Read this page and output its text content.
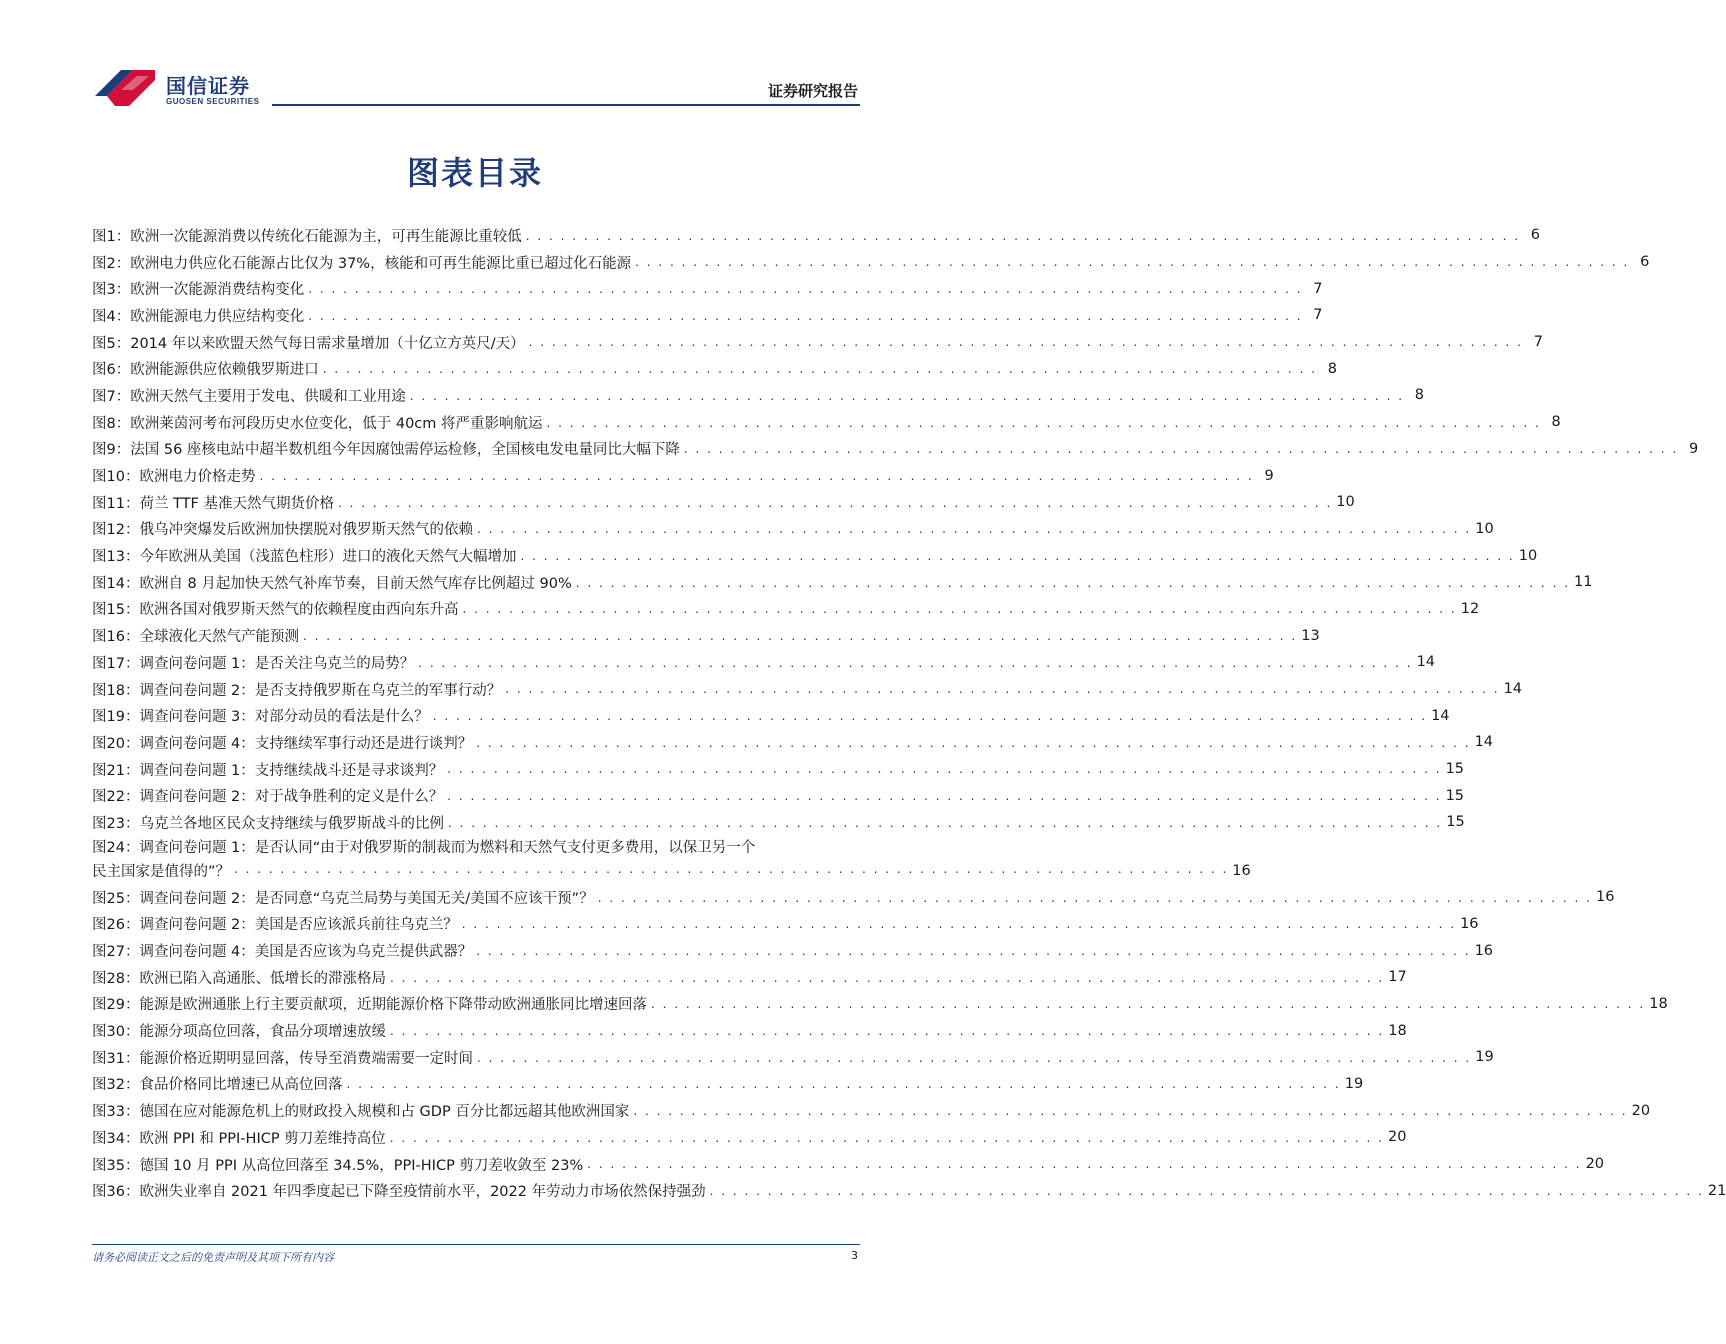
国信证券
GUOSEN SECURITIES
证券研究报告
图表目录
图1： 欧洲一次能源消费以传统化石能源为主，可再生能源比重较低 . . . . . . . . . . . . . . . . . . . . . . . . . . . . . . . . . . . . . . . . . . . . . . . . . . . . . . . . . . . . . . . . . . . . . . . . . . . . . . . . . . . . . . 6
图2： 欧洲电力供应化石能源占比仅为 37%，核能和可再生能源比重已超过化石能源 . . . . . . . . . . . . . . . . . . . . . . . . . . . . . . . . . . . . . . . . . . . . . . . . . . . . . . . . . . . . . . . . . . . . . . . . . . . . . . . . . . . . . . 6
图3： 欧洲一次能源消费结构变化 . . . . . . . . . . . . . . . . . . . . . . . . . . . . . . . . . . . . . . . . . . . . . . . . . . . . . . . . . . . . . . . . . . . . . . . . . . . . . . . . . . . . . . 7
图4： 欧洲能源电力供应结构变化 . . . . . . . . . . . . . . . . . . . . . . . . . . . . . . . . . . . . . . . . . . . . . . . . . . . . . . . . . . . . . . . . . . . . . . . . . . . . . . . . . . . . . . 7
图5： 2014 年以来欧盟天然气每日需求量增加（十亿立方英尺/天） . . . . . . . . . . . . . . . . . . . . . . . . . . . . . . . . . . . . . . . . . . . . . . . . . . . . . . . . . . . . . . . . . . . . . . . . . . . . . . . . . . . . . . 7
图6： 欧洲能源供应依赖俄罗斯进口 . . . . . . . . . . . . . . . . . . . . . . . . . . . . . . . . . . . . . . . . . . . . . . . . . . . . . . . . . . . . . . . . . . . . . . . . . . . . . . . . . . . . . . 8
图7： 欧洲天然气主要用于发电、供暖和工业用途 . . . . . . . . . . . . . . . . . . . . . . . . . . . . . . . . . . . . . . . . . . . . . . . . . . . . . . . . . . . . . . . . . . . . . . . . . . . . . . . . . . . . . . 8
图8： 欧洲莱茵河考布河段历史水位变化，低于 40cm 将严重影响航运 . . . . . . . . . . . . . . . . . . . . . . . . . . . . . . . . . . . . . . . . . . . . . . . . . . . . . . . . . . . . . . . . . . . . . . . . . . . . . . . . . . . . . . 8
图9： 法国 56 座核电站中超半数机组今年因腐蚀需停运检修，全国核电发电量同比大幅下降 . . . . . . . . . . . . . . . . . . . . . . . . . . . . . . . . . . . . . . . . . . . . . . . . . . . . . . . . . . . . . . . . . . . . . . . . . . . . . . . . . . . . . . 9
图10： 欧洲电力价格走势 . . . . . . . . . . . . . . . . . . . . . . . . . . . . . . . . . . . . . . . . . . . . . . . . . . . . . . . . . . . . . . . . . . . . . . . . . . . . . . . . . . . . . . 9
图11： 荷兰 TTF 基准天然气期货价格 . . . . . . . . . . . . . . . . . . . . . . . . . . . . . . . . . . . . . . . . . . . . . . . . . . . . . . . . . . . . . . . . . . . . . . . . . . . . . . . . . . . . . . 10
图12： 俄乌冲突爆发后欧洲加快摆脱对俄罗斯天然气的依赖 . . . . . . . . . . . . . . . . . . . . . . . . . . . . . . . . . . . . . . . . . . . . . . . . . . . . . . . . . . . . . . . . . . . . . . . . . . . . . . . . . . . . . . 10
图13： 今年欧洲从美国（浅蓝色柱形）进口的液化天然气大幅增加 . . . . . . . . . . . . . . . . . . . . . . . . . . . . . . . . . . . . . . . . . . . . . . . . . . . . . . . . . . . . . . . . . . . . . . . . . . . . . . . . . . . . . . 10
图14： 欧洲自 8 月起加快天然气补库节奏，目前天然气库存比例超过 90% . . . . . . . . . . . . . . . . . . . . . . . . . . . . . . . . . . . . . . . . . . . . . . . . . . . . . . . . . . . . . . . . . . . . . . . . . . . . . . . . . . . . . . 11
图15： 欧洲各国对俄罗斯天然气的依赖程度由西向东升高 . . . . . . . . . . . . . . . . . . . . . . . . . . . . . . . . . . . . . . . . . . . . . . . . . . . . . . . . . . . . . . . . . . . . . . . . . . . . . . . . . . . . . . 12
图16： 全球液化天然气产能预测 . . . . . . . . . . . . . . . . . . . . . . . . . . . . . . . . . . . . . . . . . . . . . . . . . . . . . . . . . . . . . . . . . . . . . . . . . . . . . . . . . . . . . . 13
图17： 调查问卷问题 1：是否关注乌克兰的局势？ . . . . . . . . . . . . . . . . . . . . . . . . . . . . . . . . . . . . . . . . . . . . . . . . . . . . . . . . . . . . . . . . . . . . . . . . . . . . . . . . . . . . . . 14
图18： 调查问卷问题 2：是否支持俄罗斯在乌克兰的军事行动？ . . . . . . . . . . . . . . . . . . . . . . . . . . . . . . . . . . . . . . . . . . . . . . . . . . . . . . . . . . . . . . . . . . . . . . . . . . . . . . . . . . . . . . 14
图19： 调查问卷问题 3：对部分动员的看法是什么？ . . . . . . . . . . . . . . . . . . . . . . . . . . . . . . . . . . . . . . . . . . . . . . . . . . . . . . . . . . . . . . . . . . . . . . . . . . . . . . . . . . . . . . 14
图20： 调查问卷问题 4：支持继续军事行动还是进行谈判？ . . . . . . . . . . . . . . . . . . . . . . . . . . . . . . . . . . . . . . . . . . . . . . . . . . . . . . . . . . . . . . . . . . . . . . . . . . . . . . . . . . . . . . 14
图21： 调查问卷问题 1：支持继续战斗还是寻求谈判？ . . . . . . . . . . . . . . . . . . . . . . . . . . . . . . . . . . . . . . . . . . . . . . . . . . . . . . . . . . . . . . . . . . . . . . . . . . . . . . . . . . . . . . 15
图22： 调查问卷问题 2：对于战争胜利的定义是什么？ . . . . . . . . . . . . . . . . . . . . . . . . . . . . . . . . . . . . . . . . . . . . . . . . . . . . . . . . . . . . . . . . . . . . . . . . . . . . . . . . . . . . . . 15
图23： 乌克兰各地区民众支持继续与俄罗斯战斗的比例 . . . . . . . . . . . . . . . . . . . . . . . . . . . . . . . . . . . . . . . . . . . . . . . . . . . . . . . . . . . . . . . . . . . . . . . . . . . . . . . . . . . . . . 15
图24：调查问卷问题 1：是否认同“由于对俄罗斯的制裁而为燃料和天然气支付更多费用，以保卫另一个
民主国家是值得的”？ . . . . . . . . . . . . . . . . . . . . . . . . . . . . . . . . . . . . . . . . . . . . . . . . . . . . . . . . . . . . . . . . . . . . . . . . . . . . . . . . . . . . . . 16
图25： 调查问卷问题 2：是否同意“乌克兰局势与美国无关/美国不应该干预”？ . . . . . . . . . . . . . . . . . . . . . . . . . . . . . . . . . . . . . . . . . . . . . . . . . . . . . . . . . . . . . . . . . . . . . . . . . . . . . . . . . . . . . . 16
图26： 调查问卷问题 2：美国是否应该派兵前往乌克兰？ . . . . . . . . . . . . . . . . . . . . . . . . . . . . . . . . . . . . . . . . . . . . . . . . . . . . . . . . . . . . . . . . . . . . . . . . . . . . . . . . . . . . . . 16
图27： 调查问卷问题 4：美国是否应该为乌克兰提供武器？ . . . . . . . . . . . . . . . . . . . . . . . . . . . . . . . . . . . . . . . . . . . . . . . . . . . . . . . . . . . . . . . . . . . . . . . . . . . . . . . . . . . . . . 16
图28： 欧洲已陷入高通胀、低增长的滞涨格局 . . . . . . . . . . . . . . . . . . . . . . . . . . . . . . . . . . . . . . . . . . . . . . . . . . . . . . . . . . . . . . . . . . . . . . . . . . . . . . . . . . . . . . 17
图29： 能源是欧洲通胀上行主要贡献项，近期能源价格下降带动欧洲通胀同比增速回落 . . . . . . . . . . . . . . . . . . . . . . . . . . . . . . . . . . . . . . . . . . . . . . . . . . . . . . . . . . . . . . . . . . . . . . . . . . . . . . . . . . . . . . 18
图30： 能源分项高位回落，食品分项增速放缓 . . . . . . . . . . . . . . . . . . . . . . . . . . . . . . . . . . . . . . . . . . . . . . . . . . . . . . . . . . . . . . . . . . . . . . . . . . . . . . . . . . . . . . 18
图31： 能源价格近期明显回落，传导至消费端需要一定时间 . . . . . . . . . . . . . . . . . . . . . . . . . . . . . . . . . . . . . . . . . . . . . . . . . . . . . . . . . . . . . . . . . . . . . . . . . . . . . . . . . . . . . . 19
图32： 食品价格同比增速已从高位回落 . . . . . . . . . . . . . . . . . . . . . . . . . . . . . . . . . . . . . . . . . . . . . . . . . . . . . . . . . . . . . . . . . . . . . . . . . . . . . . . . . . . . . . 19
图33： 德国在应对能源危机上的财政投入规模和占 GDP 百分比都远超其他欧洲国家 . . . . . . . . . . . . . . . . . . . . . . . . . . . . . . . . . . . . . . . . . . . . . . . . . . . . . . . . . . . . . . . . . . . . . . . . . . . . . . . . . . . . . . 20
图34： 欧洲 PPI 和 PPI-HICP 剪刀差维持高位 . . . . . . . . . . . . . . . . . . . . . . . . . . . . . . . . . . . . . . . . . . . . . . . . . . . . . . . . . . . . . . . . . . . . . . . . . . . . . . . . . . . . . . 20
图35： 德国 10 月 PPI 从高位回落至 34.5%，PPI-HICP 剪刀差收敛至 23% . . . . . . . . . . . . . . . . . . . . . . . . . . . . . . . . . . . . . . . . . . . . . . . . . . . . . . . . . . . . . . . . . . . . . . . . . . . . . . . . . . . . . . 20
图36： 欧洲失业率自 2021 年四季度起已下降至疫情前水平，2022 年劳动力市场依然保持强劲 . . . . . . . . . . . . . . . . . . . . . . . . . . . . . . . . . . . . . . . . . . . . . . . . . . . . . . . . . . . . . . . . . . . . . . . . . . . . . . . . . . . . . . 21
请务必阅读正文之后的免责声明及其项下所有内容	3
